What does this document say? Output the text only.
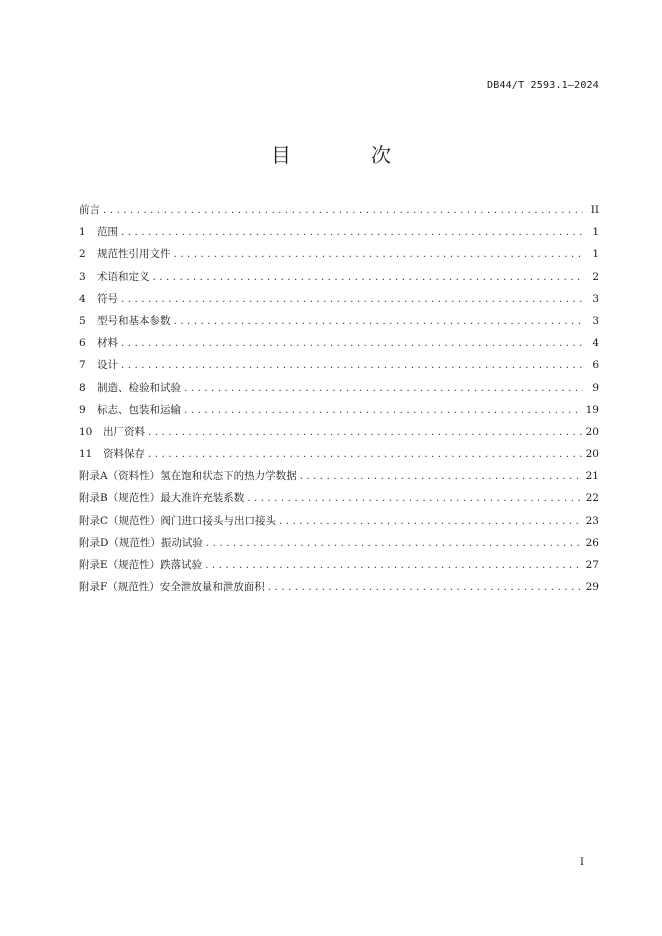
DB44/T 2593.1—2024
目　次
前言 .....	II
1	范围 .....	1
2	规范性引用文件 .....	1
3	术语和定义 .....	2
4	符号 .....	3
5	型号和基本参数 .....	3
6	材料 .....	4
7	设计 .....	6
8	制造、检验和试验 .....	9
9	标志、包装和运输 .....	19
10	出厂资料 .....	20
11	资料保存 .....	20
附录A（资料性） 氢在饱和状态下的热力学数据 .....	21
附录B（规范性） 最大准许充装系数 .....	22
附录C（规范性） 阀门进口接头与出口接头 .....	23
附录D（规范性） 振动试验 .....	26
附录E（规范性） 跌落试验 .....	27
附录F（规范性） 安全泄放量和泄放面积 .....	29
I
